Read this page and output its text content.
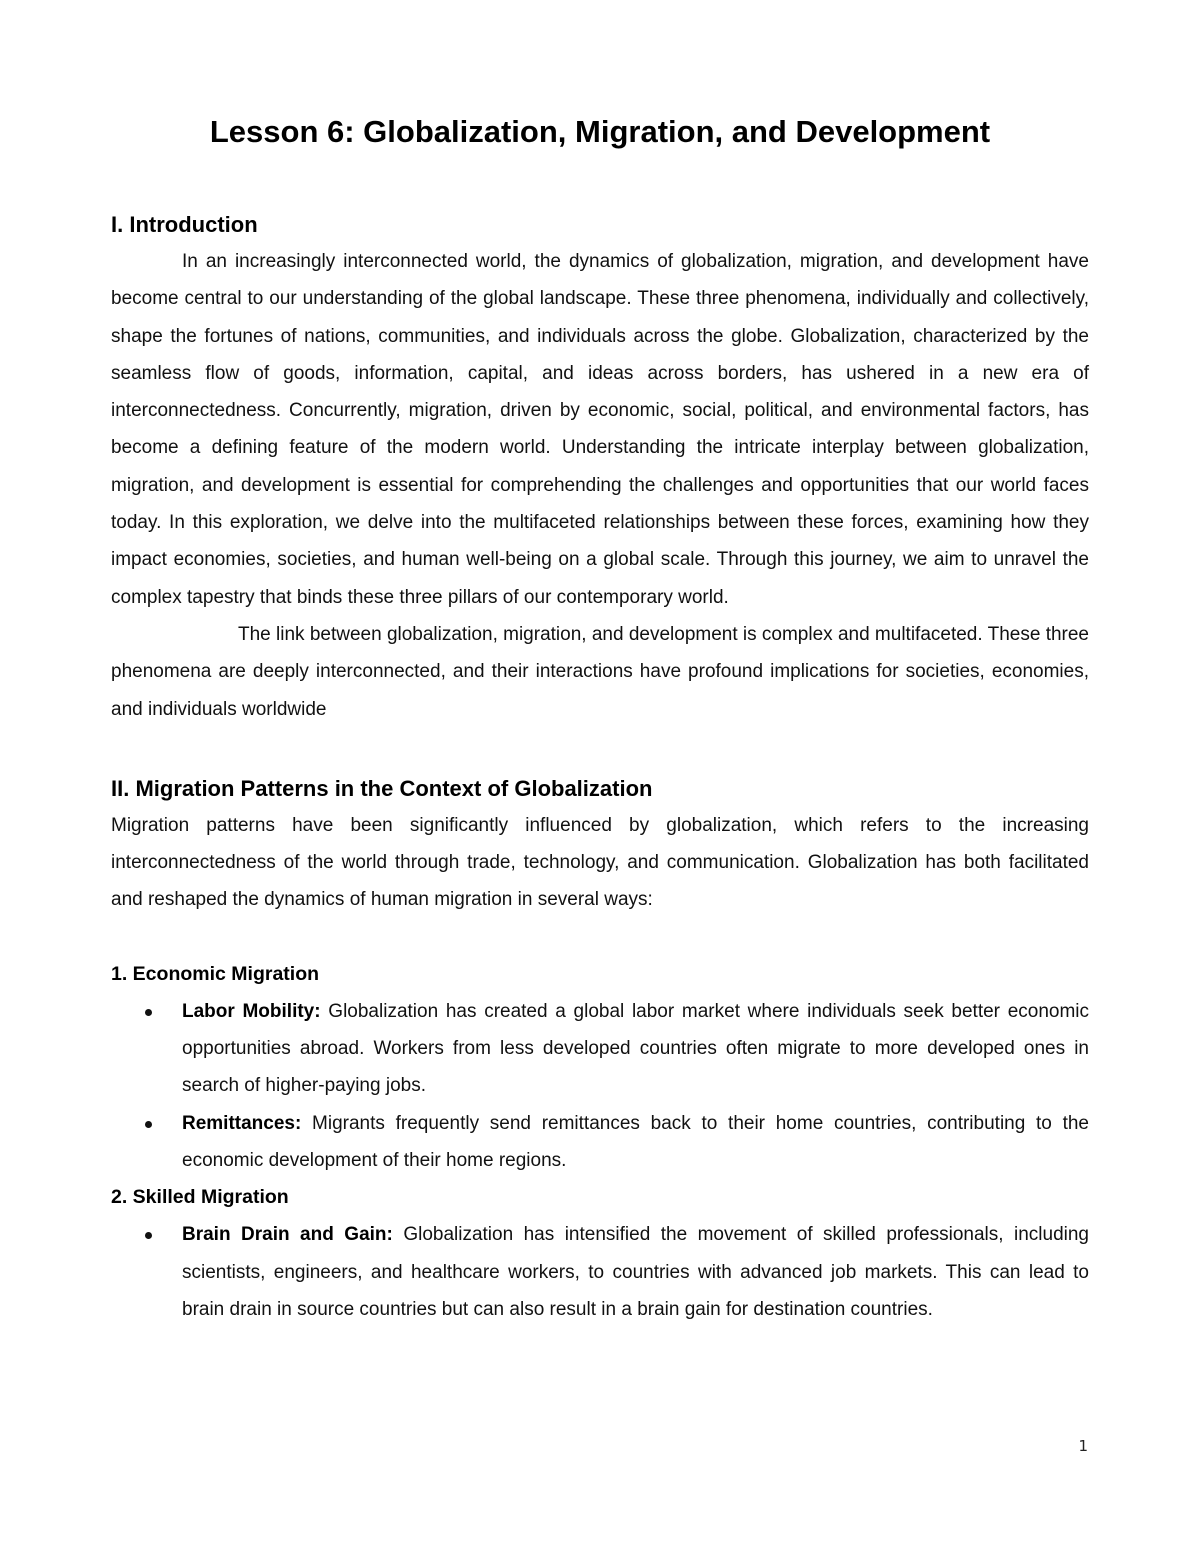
Lesson 6: Globalization, Migration, and Development
I. Introduction

In an increasingly interconnected world, the dynamics of globalization, migration, and development have become central to our understanding of the global landscape. These three phenomena, individually and collectively, shape the fortunes of nations, communities, and individuals across the globe. Globalization, characterized by the seamless flow of goods, information, capital, and ideas across borders, has ushered in a new era of interconnectedness. Concurrently, migration, driven by economic, social, political, and environmental factors, has become a defining feature of the modern world. Understanding the intricate interplay between globalization, migration, and development is essential for comprehending the challenges and opportunities that our world faces today. In this exploration, we delve into the multifaceted relationships between these forces, examining how they impact economies, societies, and human well-being on a global scale. Through this journey, we aim to unravel the complex tapestry that binds these three pillars of our contemporary world.

The link between globalization, migration, and development is complex and multifaceted. These three phenomena are deeply interconnected, and their interactions have profound implications for societies, economies, and individuals worldwide

II. Migration Patterns in the Context of Globalization

Migration patterns have been significantly influenced by globalization, which refers to the increasing interconnectedness of the world through trade, technology, and communication. Globalization has both facilitated and reshaped the dynamics of human migration in several ways:

1. Economic Migration
Labor Mobility: Globalization has created a global labor market where individuals seek better economic opportunities abroad. Workers from less developed countries often migrate to more developed ones in search of higher-paying jobs.
Remittances: Migrants frequently send remittances back to their home countries, contributing to the economic development of their home regions.
2. Skilled Migration
Brain Drain and Gain: Globalization has intensified the movement of skilled professionals, including scientists, engineers, and healthcare workers, to countries with advanced job markets. This can lead to brain drain in source countries but can also result in a brain gain for destination countries.
1
